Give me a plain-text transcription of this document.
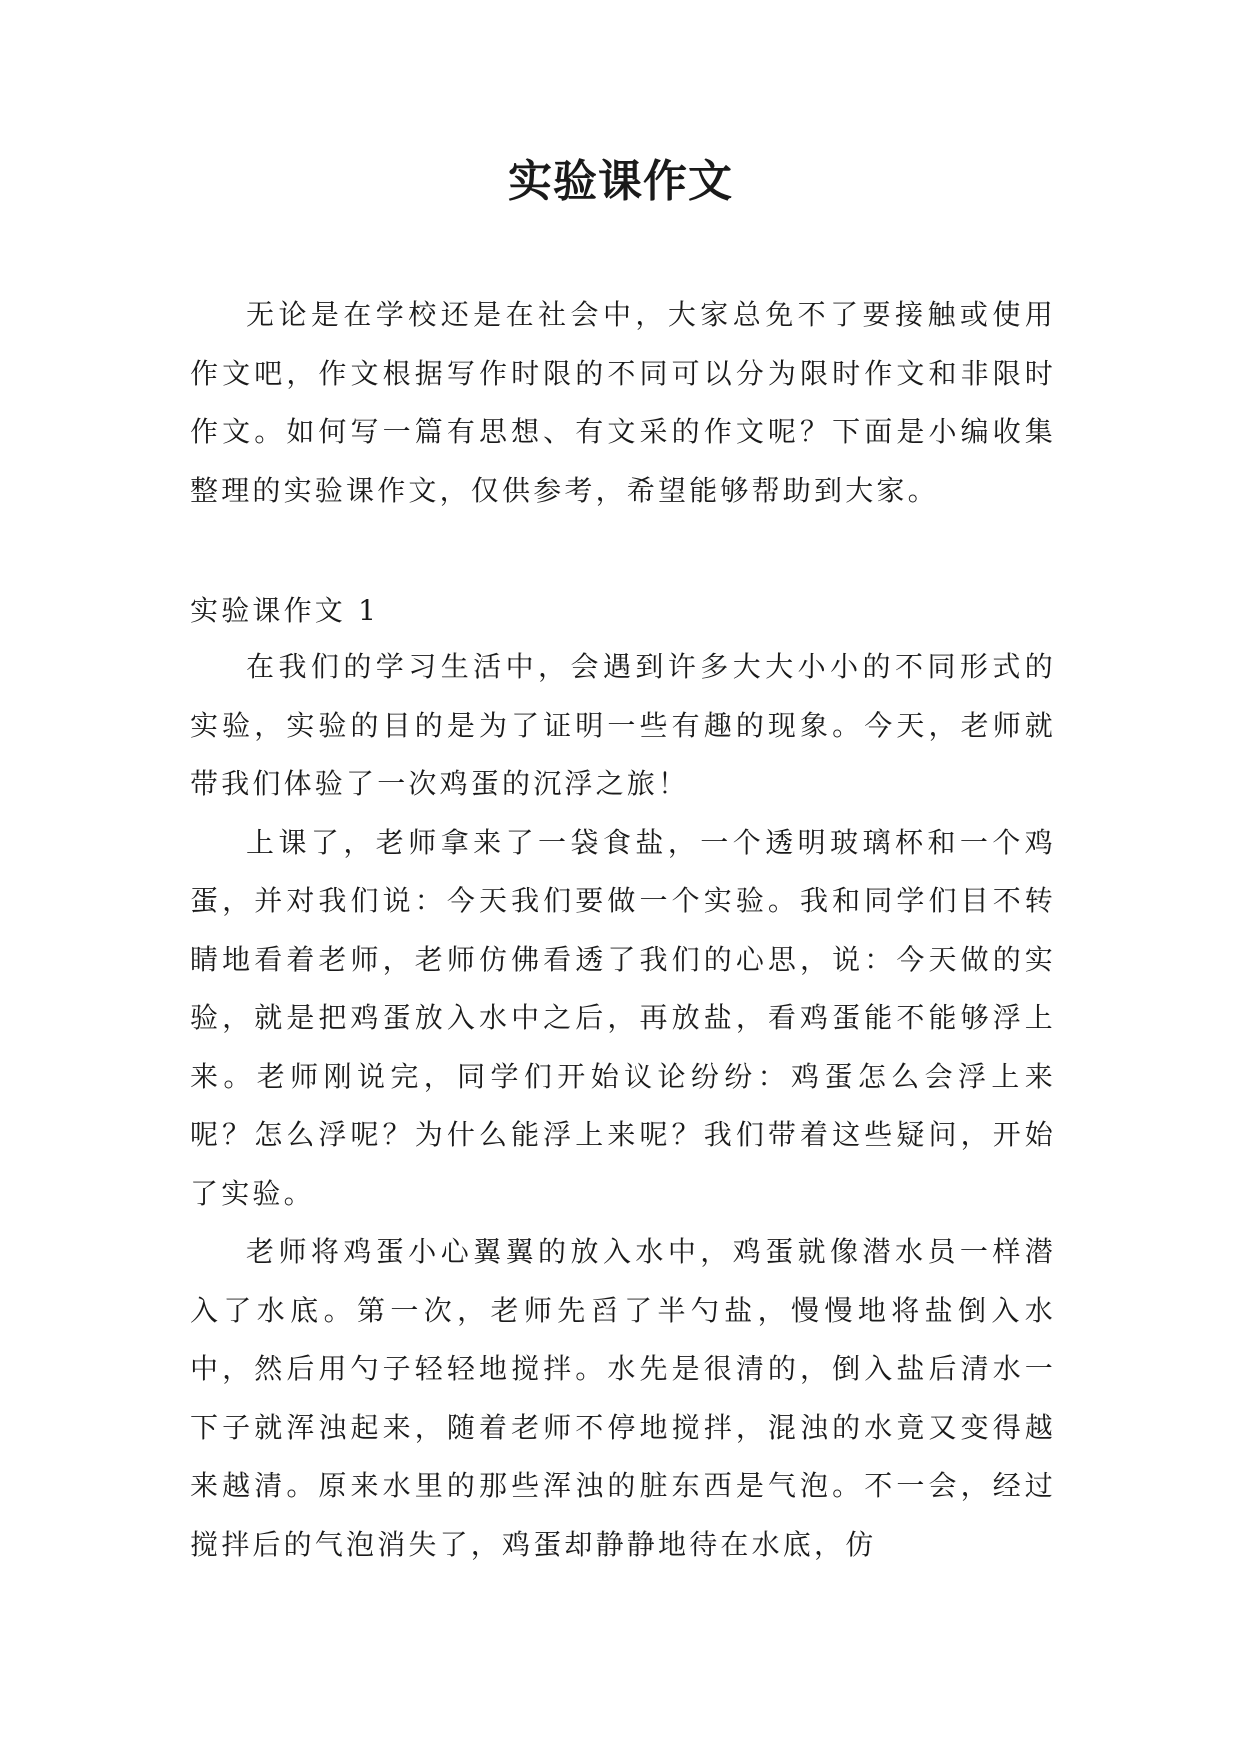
实验课作文

无论是在学校还是在社会中，大家总免不了要接触或使用作文吧，作文根据写作时限的不同可以分为限时作文和非限时作文。如何写一篇有思想、有文采的作文呢？下面是小编收集整理的实验课作文，仅供参考，希望能够帮助到大家。

实验课作文 1

在我们的学习生活中，会遇到许多大大小小的不同形式的实验，实验的目的是为了证明一些有趣的现象。今天，老师就带我们体验了一次鸡蛋的沉浮之旅！

上课了，老师拿来了一袋食盐，一个透明玻璃杯和一个鸡蛋，并对我们说：今天我们要做一个实验。我和同学们目不转睛地看着老师，老师仿佛看透了我们的心思，说：今天做的实验，就是把鸡蛋放入水中之后，再放盐，看鸡蛋能不能够浮上来。老师刚说完，同学们开始议论纷纷：鸡蛋怎么会浮上来呢？怎么浮呢？为什么能浮上来呢？我们带着这些疑问，开始了实验。

老师将鸡蛋小心翼翼的放入水中，鸡蛋就像潜水员一样潜入了水底。第一次，老师先舀了半勺盐，慢慢地将盐倒入水中，然后用勺子轻轻地搅拌。水先是很清的，倒入盐后清水一下子就浑浊起来，随着老师不停地搅拌，混浊的水竟又变得越来越清。原来水里的那些浑浊的脏东西是气泡。不一会，经过搅拌后的气泡消失了，鸡蛋却静静地待在水底，仿
